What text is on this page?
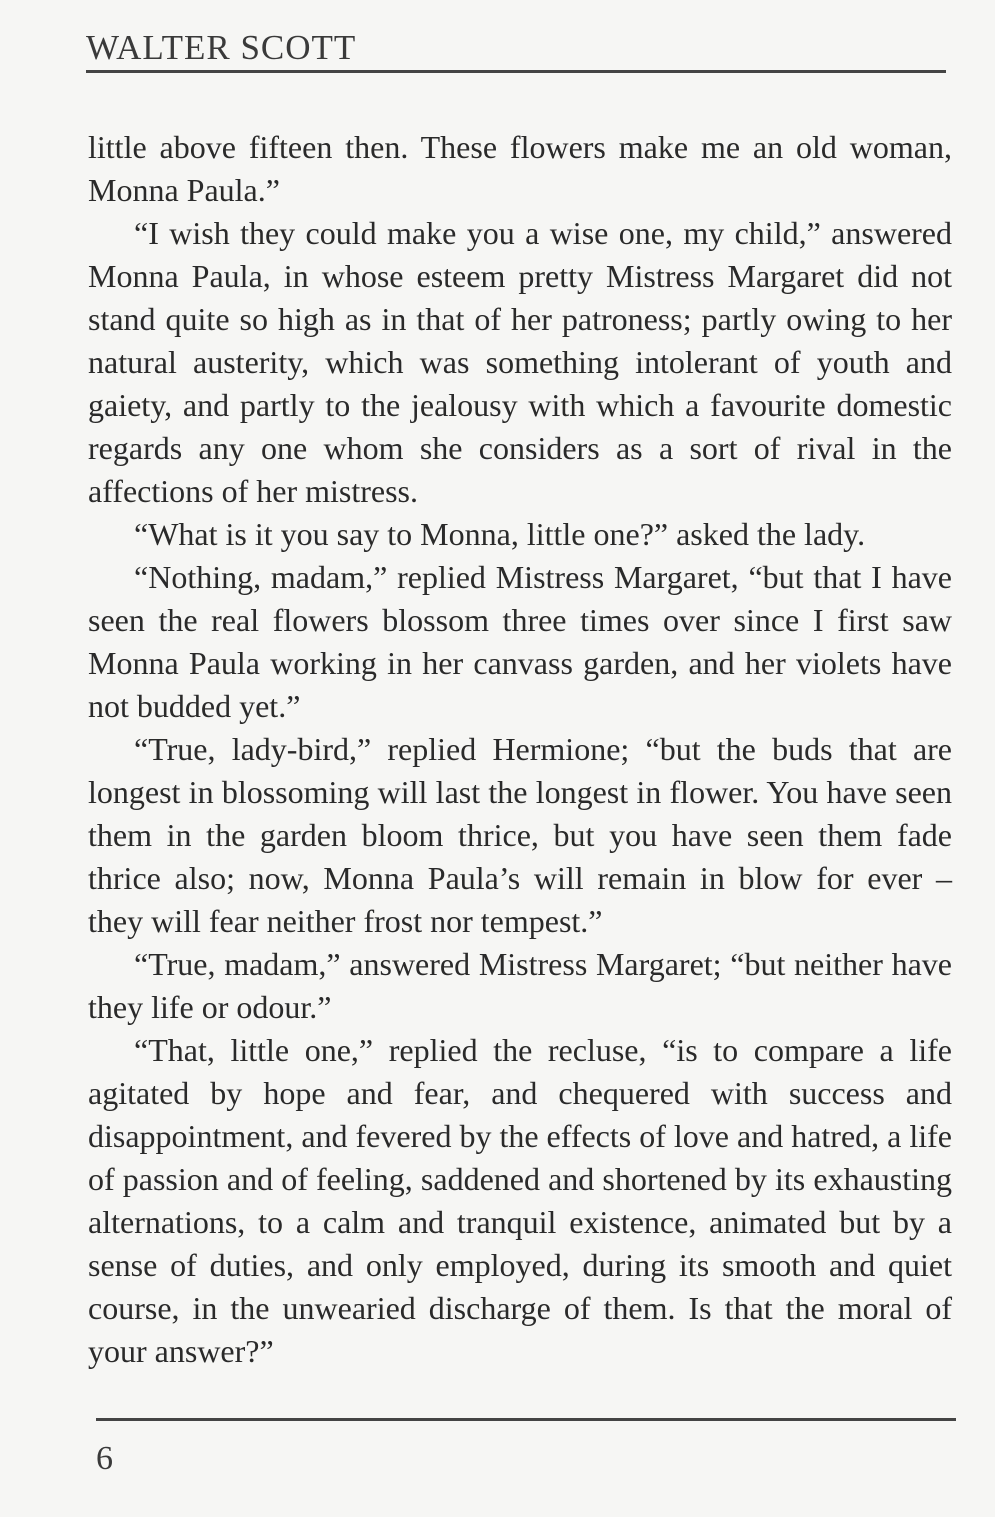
WALTER SCOTT

little above fifteen then. These flowers make me an old woman, Monna Paula.”

“I wish they could make you a wise one, my child,” answered Monna Paula, in whose esteem pretty Mistress Margaret did not stand quite so high as in that of her patroness; partly owing to her natural austerity, which was something intolerant of youth and gaiety, and partly to the jealousy with which a favourite domestic regards any one whom she considers as a sort of rival in the affections of her mistress.

“What is it you say to Monna, little one?” asked the lady.

“Nothing, madam,” replied Mistress Margaret, “but that I have seen the real flowers blossom three times over since I first saw Monna Paula working in her canvass garden, and her violets have not budded yet.”

“True, lady-bird,” replied Hermione; “but the buds that are longest in blossoming will last the longest in flower. You have seen them in the garden bloom thrice, but you have seen them fade thrice also; now, Monna Paula’s will remain in blow for ever – they will fear neither frost nor tempest.”

“True, madam,” answered Mistress Margaret; “but neither have they life or odour.”

“That, little one,” replied the recluse, “is to compare a life agitated by hope and fear, and chequered with success and disappointment, and fevered by the effects of love and hatred, a life of passion and of feeling, saddened and shortened by its exhausting alternations, to a calm and tranquil existence, animated but by a sense of duties, and only employed, during its smooth and quiet course, in the unwearied discharge of them. Is that the moral of your answer?”

6
